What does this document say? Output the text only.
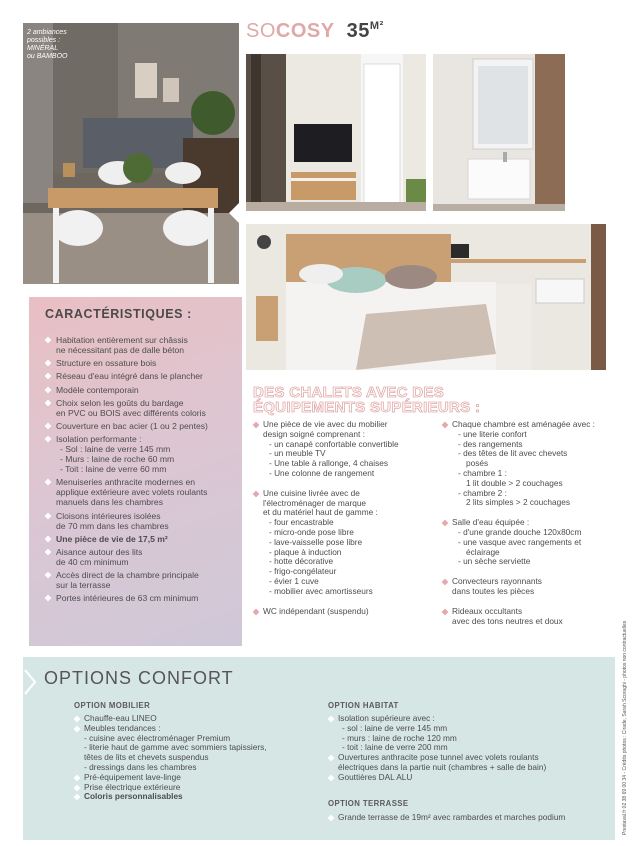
2 ambiances
possibles :
MINÉRAL
ou BAMBOO
SOCOSY $35^{M^2}$
CARACTÉRISTIQUES :
Habitation entièrement sur châssis
ne nécessitant pas de dalle béton
Structure en ossature bois
Réseau d'eau intégré dans le plancher
Modèle contemporain
Choix selon les goûts du bardage
en PVC ou BOIS avec différents coloris
Couverture en bac acier (1 ou 2 pentes)
Isolation performante :
- Sol : laine de verre 145 mm
- Murs : laine de roche 60 mm
- Toit : laine de verre 60 mm
Menuiseries anthracite modernes en
applique extérieure avec volets roulants
manuels dans les chambres
Cloisons intérieures isolées
de 70 mm dans les chambres
Une pièce de vie de 17,5 m²
Aisance autour des lits
de 40 cm minimum
Accès direct de la chambre principale
sur la terrasse
Portes intérieures de 63 cm minimum
DES CHALETS AVEC DES
ÉQUIPEMENTS SUPÉRIEURS :
Une pièce de vie avec du mobilier
design soigné comprenant :
- un canapé confortable convertible
- un meuble TV
- Une table à rallonge, 4 chaises
- Une colonne de rangement
Une cuisine livrée avec de
l'électroménager de marque
et du matériel haut de gamme :
- four encastrable
- micro-onde pose libre
- lave-vaisselle pose libre
- plaque à induction
- hotte décorative
- frigo-congélateur
- évier 1 cuve
- mobilier avec amortisseurs
WC indépendant (suspendu)
Chaque chambre est aménagée avec :
- une literie confort
- des rangements
- des têtes de lit avec chevets
posés
- chambre 1 :
1 lit double > 2 couchages
- chambre 2 :
2 lits simples > 2 couchages
Salle d'eau équipée :
- d'une grande douche 120x80cm
- une vasque avec rangements et
éclairage
- un sèche serviette
Convecteurs rayonnants
dans toutes les pièces
Rideaux occultants
avec des tons neutres et doux
OPTIONS CONFORT
OPTION MOBILIER
Chauffe-eau LINEO
Meubles tendances :
- cuisine avec électroménager Premium
- literie haut de gamme avec sommiers tapissiers,
têtes de lits et chevets suspendus
- dressings dans les chambres
Pré-équipement lave-linge
Prise électrique extérieure
Coloris personnalisables
OPTION HABITAT
Isolation supérieure avec :
- sol : laine de verre 145 mm
- murs : laine de roche 120 mm
- toit : laine de verre 200 mm
Ouvertures anthracite pose tunnel avec volets roulants
électriques dans la partie nuit (chambres + salle de bain)
Gouttières DAL ALU
OPTION TERRASSE
Grande terrasse de 19m² avec rambardes et marches podium	Prestaval.fr 02 38 69 00 34 - Crédits photos : Cirade, Sarah Scoraghi - photos non contractuelles
